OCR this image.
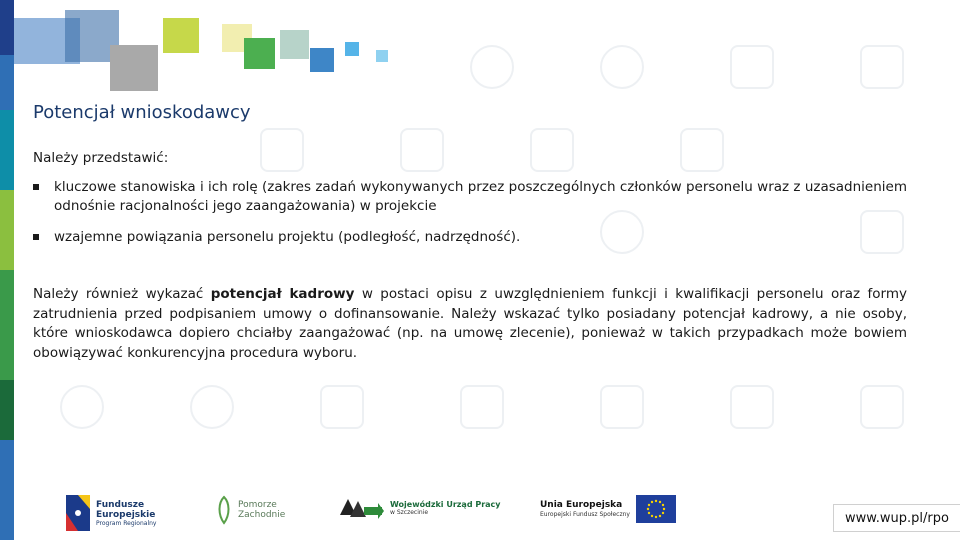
Potencjał wnioskodawcy

Należy przedstawić:

kluczowe stanowiska i ich rolę (zakres zadań wykonywanych przez poszczególnych członków personelu wraz z uzasadnieniem odnośnie racjonalności jego zaangażowania) w projekcie
wzajemne powiązania personelu projektu (podległość, nadrzędność).

Należy również wykazać potencjał kadrowy w postaci opisu z uwzględnieniem funkcji i kwalifikacji personelu oraz formy zatrudnienia przed podpisaniem umowy o dofinansowanie. Należy wskazać tylko posiadany potencjał kadrowy, a nie osoby, które wnioskodawca dopiero chciałby zaangażować (np. na umowę zlecenie), ponieważ w takich przypadkach może bowiem obowiązywać konkurencyjna procedura wyboru.

Fundusze
Europejskie
Program Regionalny
Pomorze
Zachodnie
Wojewódzki Urząd Pracy
w Szczecinie
Unia Europejska
Europejski Fundusz Społeczny	www.wup.pl/rpo
